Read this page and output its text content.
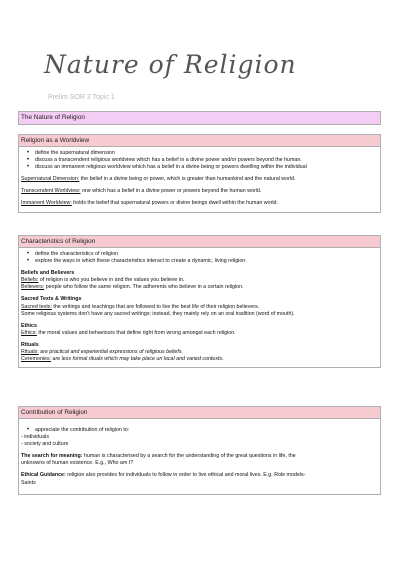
Nature of Religion
Prelim SOR 2 Topic 1
The Nature of Religion
Religion as a Worldview
• define the supernatural dimension
• discuss a transcendent religious worldview which has a belief in a divine power and/or powers beyond the human.
• discuss an immanent religious worldview which has a belief in a divine being or powers dwelling within the individual

Supernatural Dimension: the belief in a divine being or power, which is greater than humankind and the natural world.

Transcendent Worldview: one which has a belief in a divine power or powers beyond the human world.

Immanent Worldview: holds the belief that supernatural powers or divine beings dwell within the human world.

Characteristics of Religion
• define the characteristics of religion
• explore the ways in which these characteristics interact to create a dynamic, living religion.

Beliefs and Believers

Beliefs: of religion is who you believe in and the values you believe in.

Believers: people who follow the same religion. The adherents who believe in a certain religion.

Sacred Texts & Writings

Sacred texts: the writings and teachings that are followed to live the best life of their religion believers.

Some religious systems don't have any sacred writings: instead, they mainly rely on an oral tradition (word of mouth).

Ethics

Ethics: the moral values and behaviours that define right from wrong amongst each religion.

Rituals

Rituals: are practical and experiential expressions of religious beliefs.

Ceremonies: are less formal rituals which may take place un local and varied contexts.

Contribution of Religion
• appreciate the contribution of religion to:

- individuals

- society and culture

The search for meaning: human is characterised by a search for the understanding of the great questions in life, the

unknowns of human existence. E.g., Who am I?

Ethical Guidance: religion also provides for individuals to follow in order to live ethical and moral lives. E.g. Role models-

Saints
